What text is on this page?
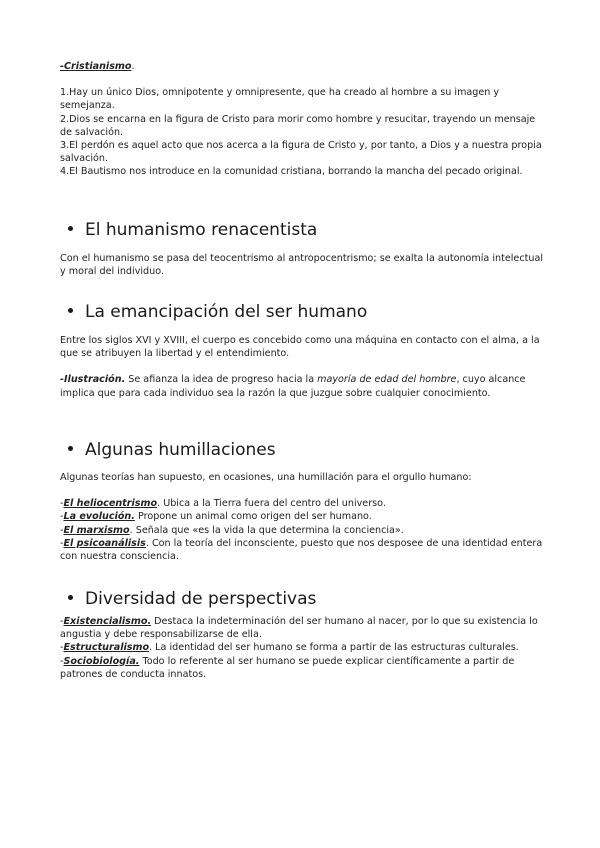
-Cristianismo.

1.Hay un único Dios, omnipotente y omnipresente, que ha creado al hombre a su imagen y semejanza.

2.Dios se encarna en la figura de Cristo para morir como hombre y resucitar, trayendo un mensaje de salvación.

3.El perdón es aquel acto que nos acerca a la figura de Cristo y, por tanto, a Dios y a nuestra propia salvación.

4.El Bautismo nos introduce en la comunidad cristiana, borrando la mancha del pecado original.

El humanismo renacentista

Con el humanismo se pasa del teocentrismo al antropocentrismo; se exalta la autonomía intelectual y moral del individuo.

La emancipación del ser humano

Entre los siglos XVI y XVIII, el cuerpo es concebido como una máquina en contacto con el alma, a la que se atribuyen la libertad y el entendimiento.

-Ilustración. Se afianza la idea de progreso hacia la mayoría de edad del hombre, cuyo alcance implica que para cada individuo sea la razón la que juzgue sobre cualquier conocimiento.

Algunas humillaciones

Algunas teorías han supuesto, en ocasiones, una humillación para el orgullo humano:

-El heliocentrismo. Ubica a la Tierra fuera del centro del universo.

-La evolución. Propone un animal como origen del ser humano.

-El marxismo. Señala que «es la vida la que determina la conciencia».

-El psicoanálisis. Con la teoría del inconsciente, puesto que nos desposee de una identidad entera con nuestra consciencia.

Diversidad de perspectivas

-Existencialismo. Destaca la indeterminación del ser humano al nacer, por lo que su existencia lo angustia y debe responsabilizarse de ella.

-Estructuralismo. La identidad del ser humano se forma a partir de las estructuras culturales.

-Sociobiología. Todo lo referente al ser humano se puede explicar científicamente a partir de patrones de conducta innatos.
